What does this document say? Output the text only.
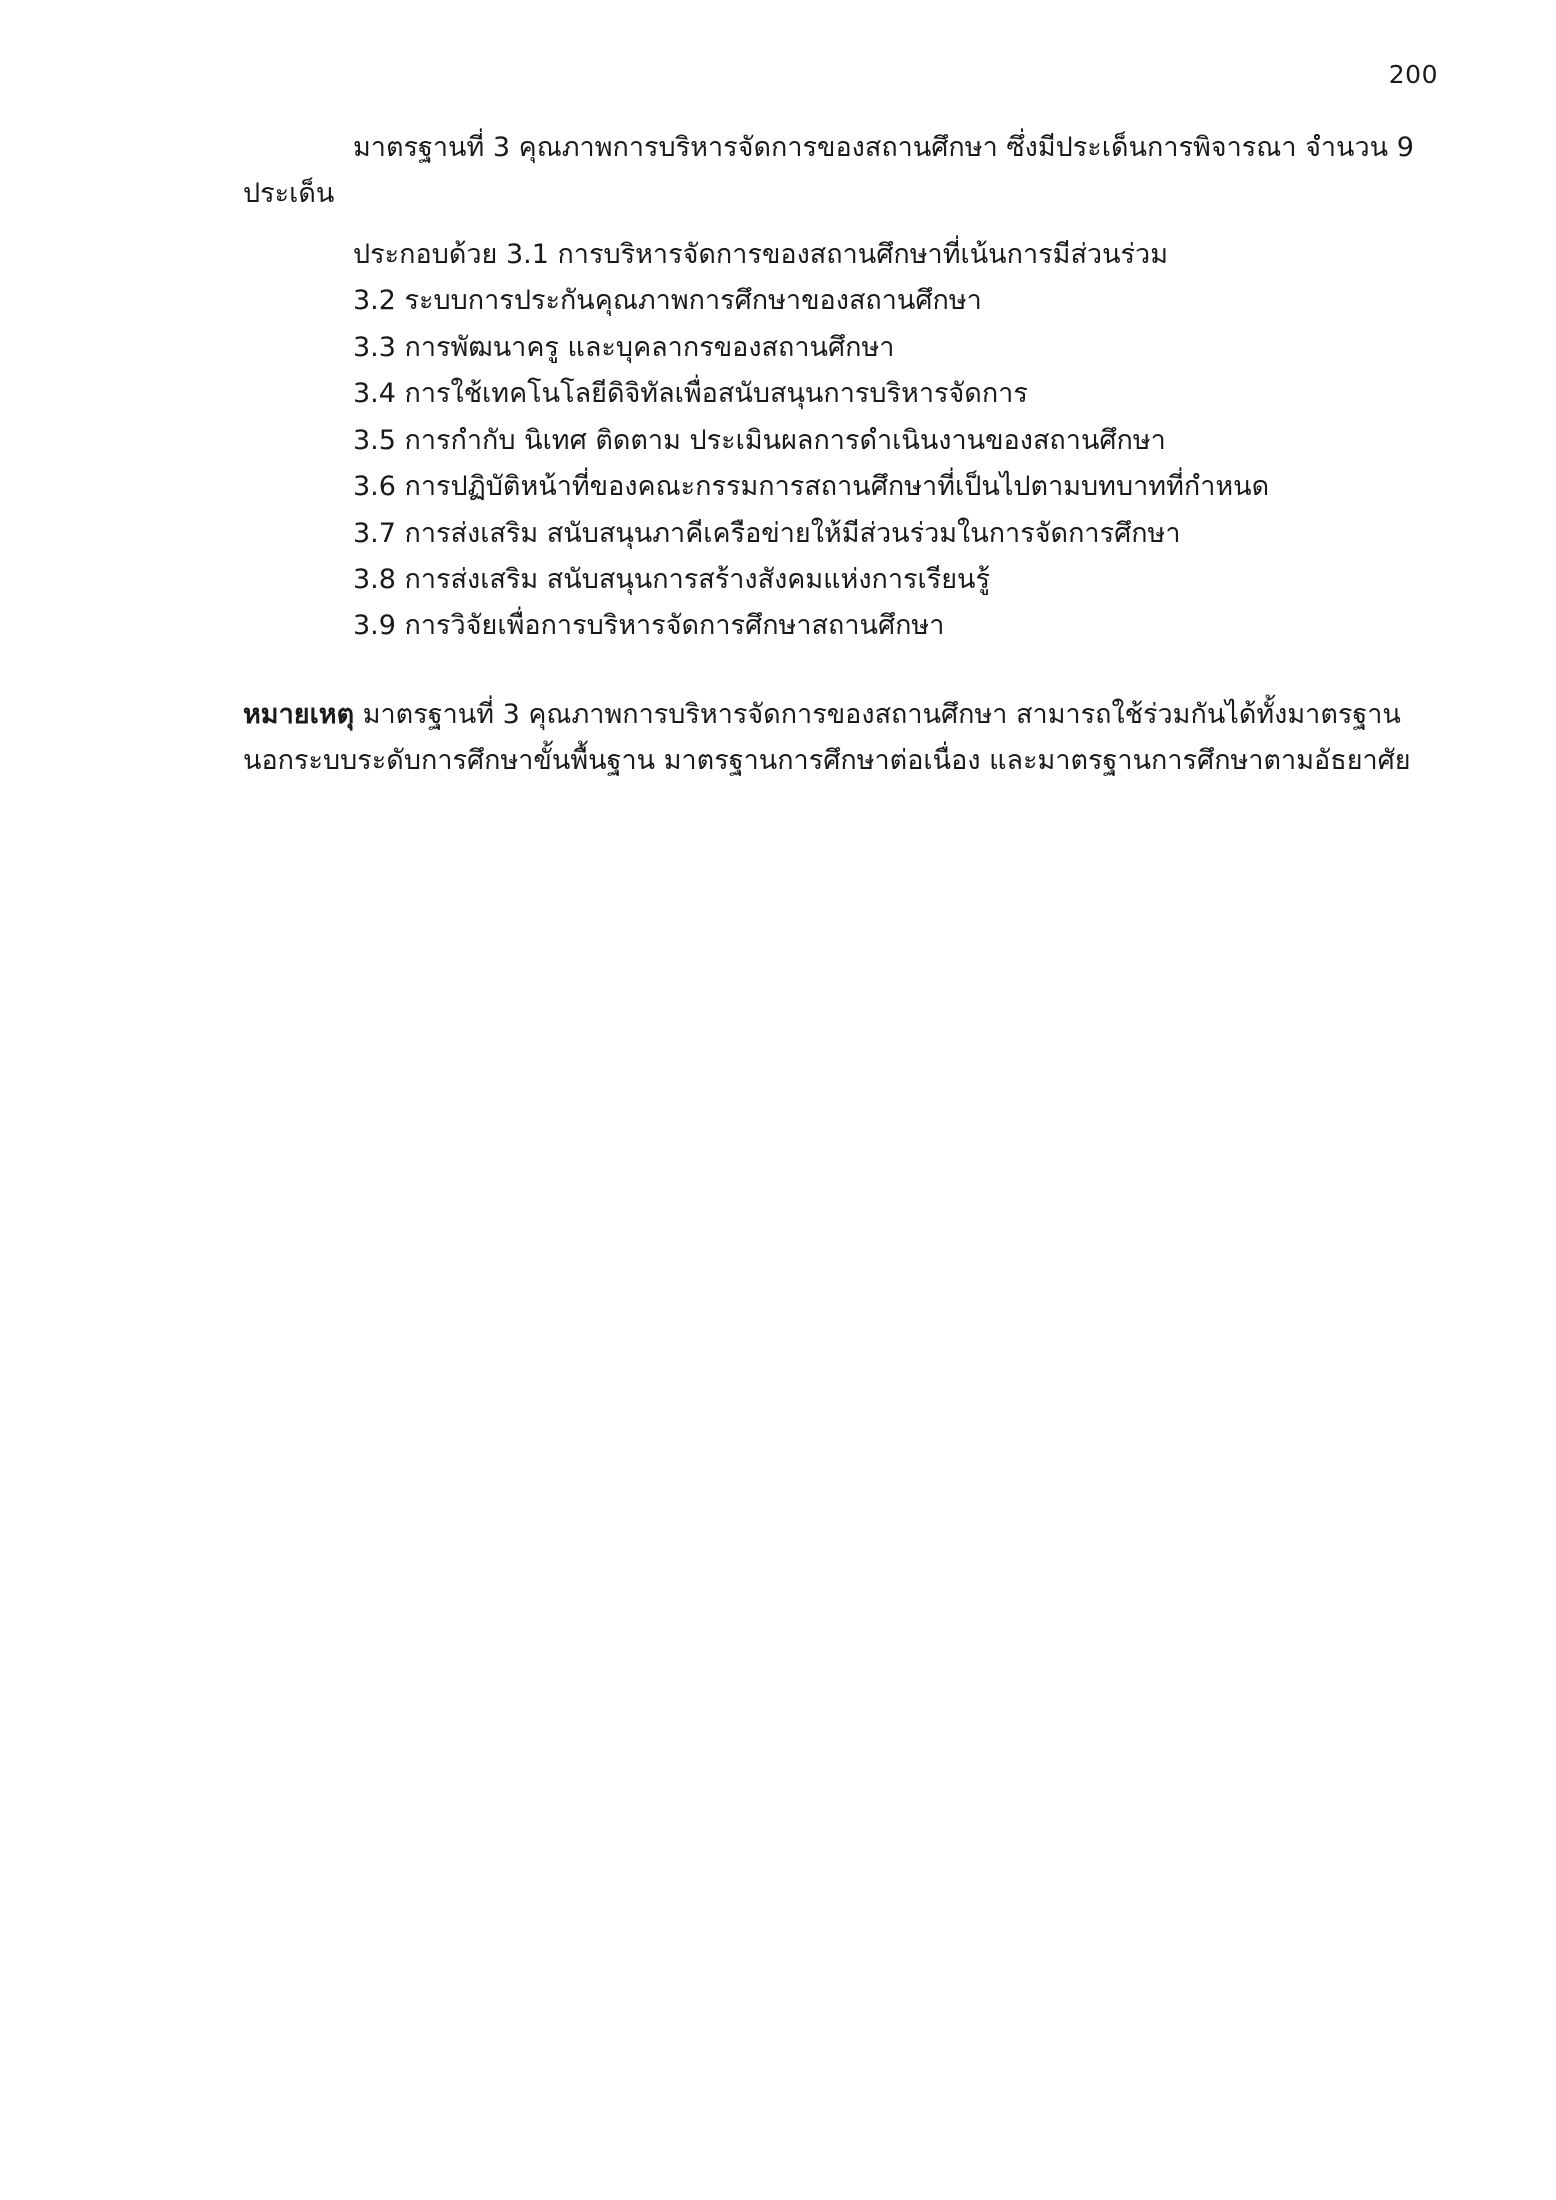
200

มาตรฐานที่ 3 คุณภาพการบริหารจัดการของสถานศึกษา ซึ่งมีประเด็นการพิจารณา จำนวน 9 ประเด็น

ประกอบด้วย 3.1 การบริหารจัดการของสถานศึกษาที่เน้นการมีส่วนร่วม

3.2 ระบบการประกันคุณภาพการศึกษาของสถานศึกษา
3.3 การพัฒนาครู และบุคลากรของสถานศึกษา
3.4 การใช้เทคโนโลยีดิจิทัลเพื่อสนับสนุนการบริหารจัดการ
3.5 การกำกับ นิเทศ ติดตาม ประเมินผลการดำเนินงานของสถานศึกษา
3.6 การปฏิบัติหน้าที่ของคณะกรรมการสถานศึกษาที่เป็นไปตามบทบาทที่กำหนด
3.7 การส่งเสริม สนับสนุนภาคีเครือข่ายให้มีส่วนร่วมในการจัดการศึกษา
3.8 การส่งเสริม สนับสนุนการสร้างสังคมแห่งการเรียนรู้
3.9 การวิจัยเพื่อการบริหารจัดการศึกษาสถานศึกษา
หมายเหตุ มาตรฐานที่ 3 คุณภาพการบริหารจัดการของสถานศึกษา สามารถใช้ร่วมกันได้ทั้งมาตรฐาน
นอกระบบระดับการศึกษาขั้นพื้นฐาน มาตรฐานการศึกษาต่อเนื่อง และมาตรฐานการศึกษาตามอัธยาศัย
